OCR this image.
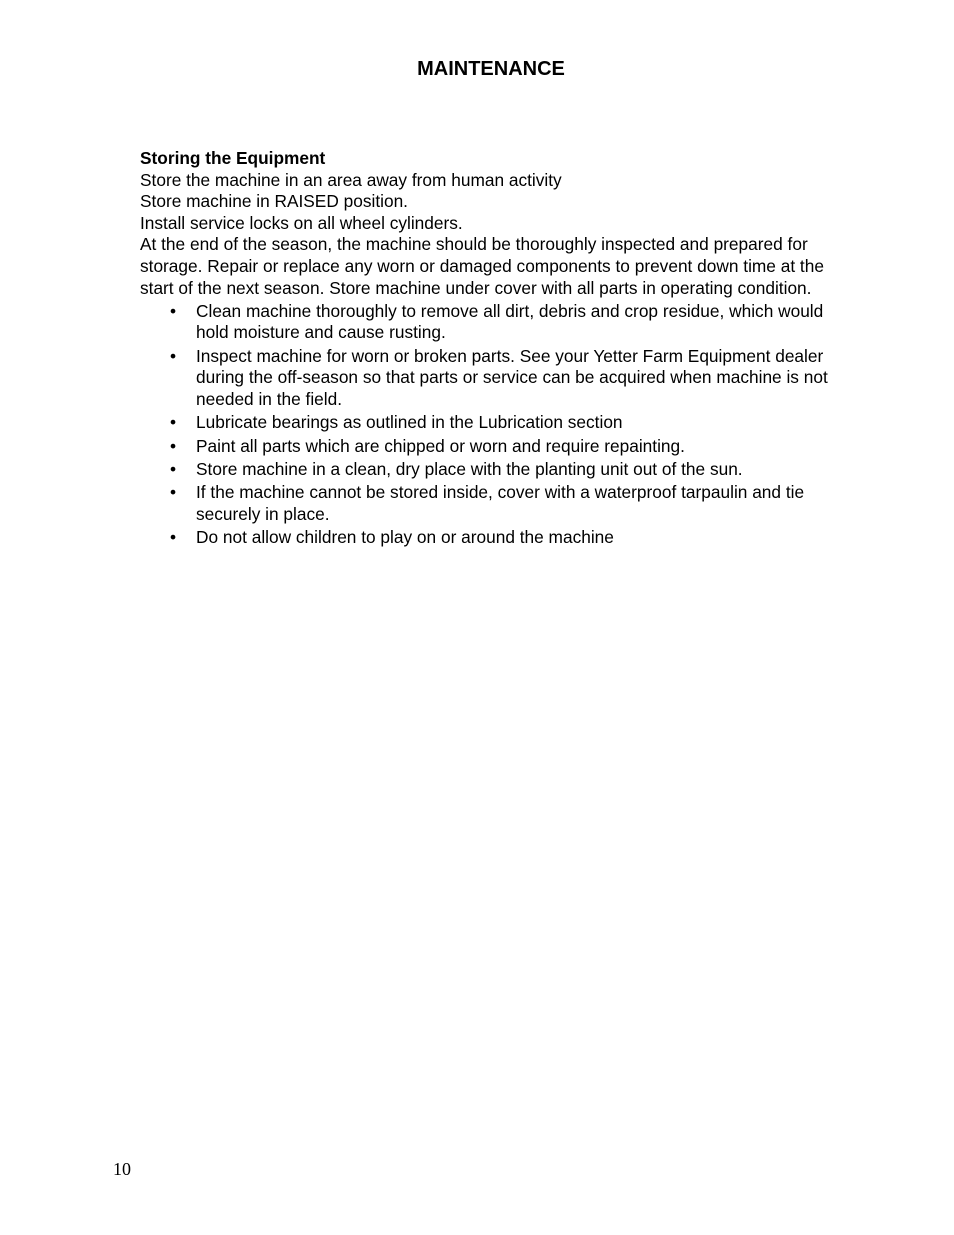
MAINTENANCE

Storing the Equipment

Store the machine in an area away from human activity

Store machine in RAISED position.

Install service locks on all wheel cylinders.

At the end of the season, the machine should be thoroughly inspected and prepared for storage. Repair or replace any worn or damaged components to prevent down time at the start of the next season. Store machine under cover with all parts in operating condition.

• Clean machine thoroughly to remove all dirt, debris and crop residue, which would hold moisture and cause rusting.
• Inspect machine for worn or broken parts. See your Yetter Farm Equipment dealer during the off-season so that parts or service can be acquired when machine is not needed in the field.
• Lubricate bearings as outlined in the Lubrication section
• Paint all parts which are chipped or worn and require repainting.
• Store machine in a clean, dry place with the planting unit out of the sun.
• If the machine cannot be stored inside, cover with a waterproof tarpaulin and tie securely in place.
• Do not allow children to play on or around the machine
10
